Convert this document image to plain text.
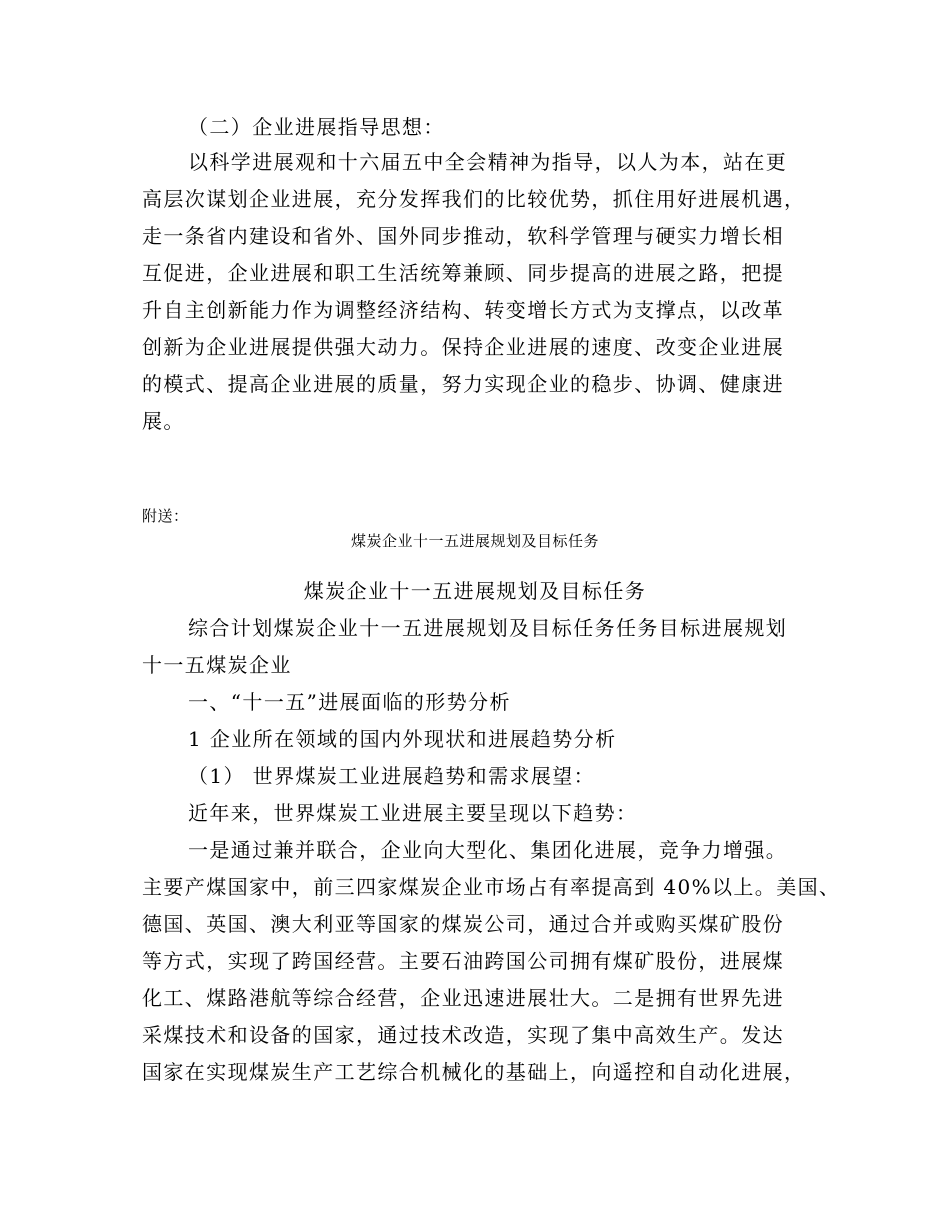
（二）企业进展指导思想：
以科学进展观和十六届五中全会精神为指导，以人为本，站在更
高层次谋划企业进展，充分发挥我们的比较优势，抓住用好进展机遇，
走一条省内建设和省外、国外同步推动，软科学管理与硬实力增长相
互促进，企业进展和职工生活统筹兼顾、同步提高的进展之路，把提
升自主创新能力作为调整经济结构、转变增长方式为支撑点，以改革
创新为企业进展提供强大动力。保持企业进展的速度、改变企业进展
的模式、提高企业进展的质量，努力实现企业的稳步、协调、健康进
展。
附送：
煤炭企业十一五进展规划及目标任务
煤炭企业十一五进展规划及目标任务
综合计划煤炭企业十一五进展规划及目标任务任务目标进展规划
十一五煤炭企业
一、“十一五”进展面临的形势分析
1 企业所在领域的国内外现状和进展趋势分析
（1） 世界煤炭工业进展趋势和需求展望：
近年来，世界煤炭工业进展主要呈现以下趋势：
一是通过兼并联合，企业向大型化、集团化进展，竞争力增强。
主要产煤国家中，前三四家煤炭企业市场占有率提高到 40%以上。美国、
德国、英国、澳大利亚等国家的煤炭公司，通过合并或购买煤矿股份
等方式，实现了跨国经营。主要石油跨国公司拥有煤矿股份，进展煤
化工、煤路港航等综合经营，企业迅速进展壮大。二是拥有世界先进
采煤技术和设备的国家，通过技术改造，实现了集中高效生产。发达
国家在实现煤炭生产工艺综合机械化的基础上，向遥控和自动化进展，
